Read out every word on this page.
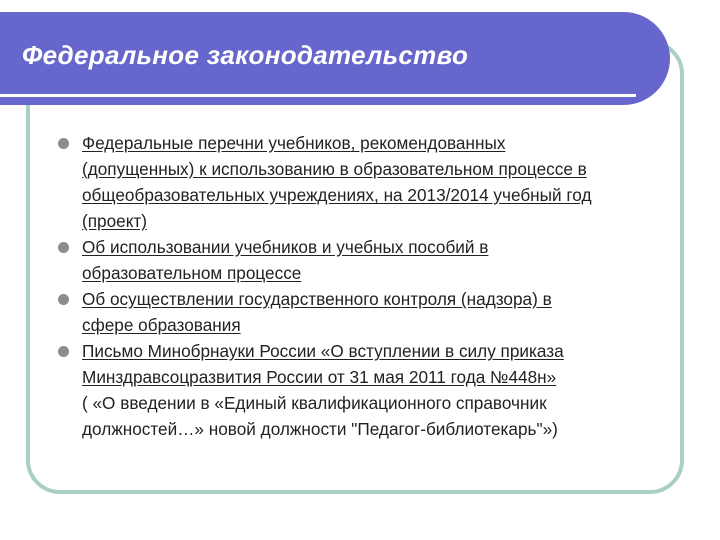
Федеральное законодательство
Федеральные перечни учебников, рекомендованных
(допущенных) к использованию в образовательном процессе в
общеобразовательных учреждениях, на 2013/2014 учебный год
(проект)
Об использовании учебников и учебных пособий в
образовательном процессе
Об осуществлении государственного контроля (надзора) в
сфере образования
Письмо Минобрнауки России «О вступлении в силу приказа
Минздравсоцразвития России от 31 мая 2011 года №448н»
( «О введении в «Единый квалификационного справочник
должностей…» новой должности "Педагог-библиотекарь"»)
